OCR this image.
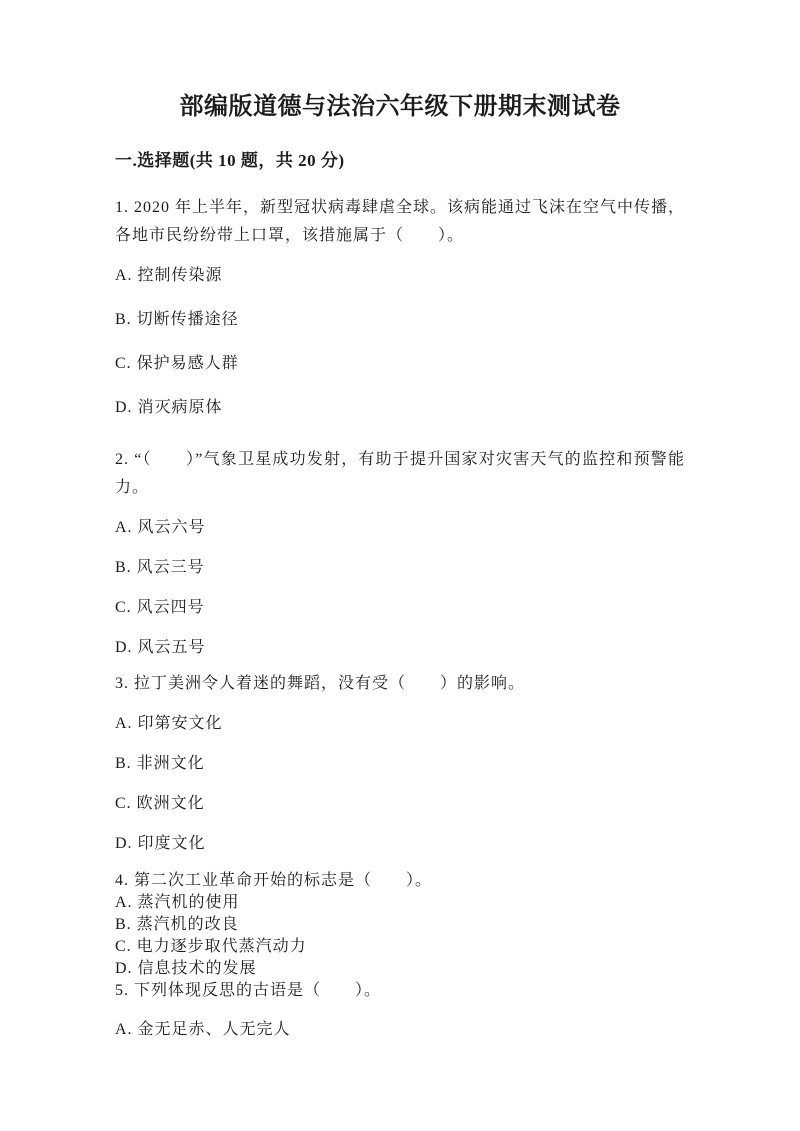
部编版道德与法治六年级下册期末测试卷
一.选择题(共 10 题，共 20 分)

1. 2020 年上半年，新型冠状病毒肆虐全球。该病能通过飞沫在空气中传播，各地市民纷纷带上口罩，该措施属于（　　）。

A. 控制传染源

B. 切断传播途径

C. 保护易感人群

D. 消灭病原体

2. “（　　）”气象卫星成功发射，有助于提升国家对灾害天气的监控和预警能力。

A. 风云六号

B. 风云三号

C. 风云四号

D. 风云五号

3. 拉丁美洲令人着迷的舞蹈，没有受（　　）的影响。

A. 印第安文化

B. 非洲文化

C. 欧洲文化

D. 印度文化

4. 第二次工业革命开始的标志是（　　）。

A. 蒸汽机的使用

B. 蒸汽机的改良

C. 电力逐步取代蒸汽动力

D. 信息技术的发展

5. 下列体现反思的古语是（　　）。

A. 金无足赤、人无完人
